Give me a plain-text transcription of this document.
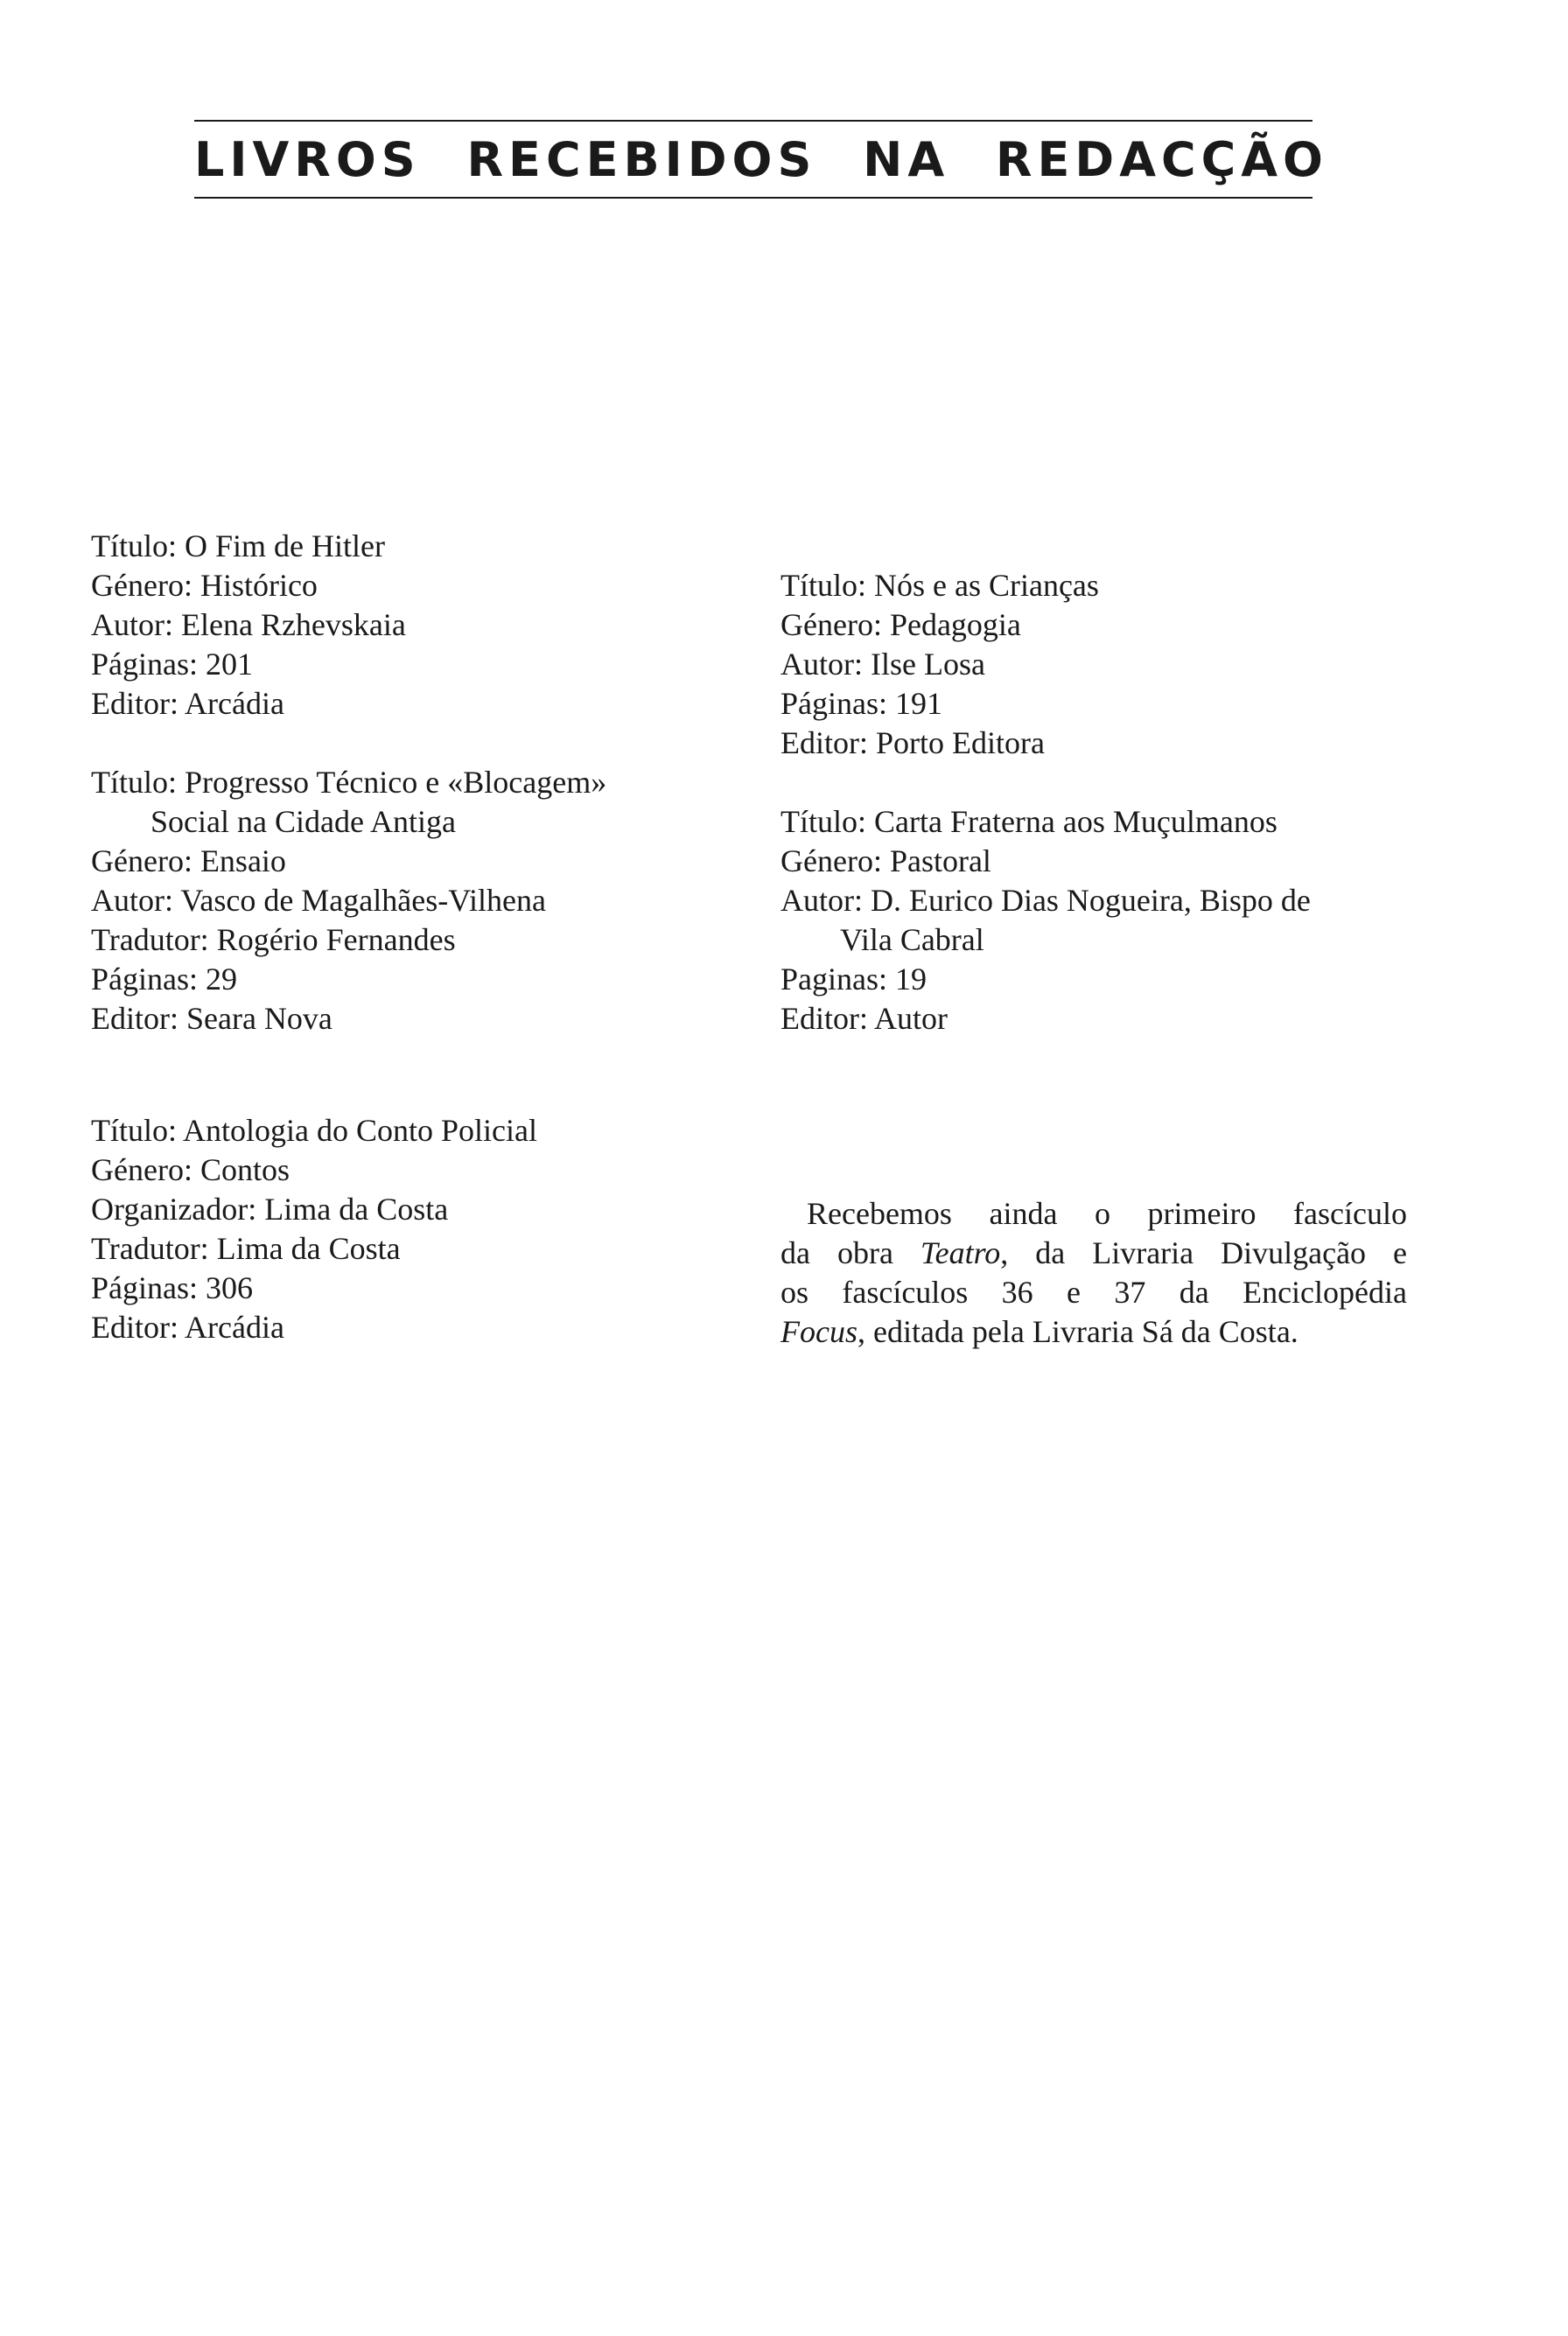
LIVROS RECEBIDOS NA REDACÇÃO
Título: O Fim de Hitler
Género: Histórico
Autor: Elena Rzhevskaia
Páginas: 201
Editor: Arcádia
Título: Progresso Técnico e «Blocagem»
Social na Cidade Antiga
Género: Ensaio
Autor: Vasco de Magalhães-Vilhena
Tradutor: Rogério Fernandes
Páginas: 29
Editor: Seara Nova
Título: Antologia do Conto Policial
Género: Contos
Organizador: Lima da Costa
Tradutor: Lima da Costa
Páginas: 306
Editor: Arcádia
Título: Nós e as Crianças
Género: Pedagogia
Autor: Ilse Losa
Páginas: 191
Editor: Porto Editora
Título: Carta Fraterna aos Muçulmanos
Género: Pastoral
Autor: D. Eurico Dias Nogueira, Bispo de
Vila Cabral
Paginas: 19
Editor: Autor
Recebemos ainda o primeiro fascículo
da obra Teatro, da Livraria Divulgação e
os fascículos 36 e 37 da Enciclopédia
Focus, editada pela Livraria Sá da Costa.
